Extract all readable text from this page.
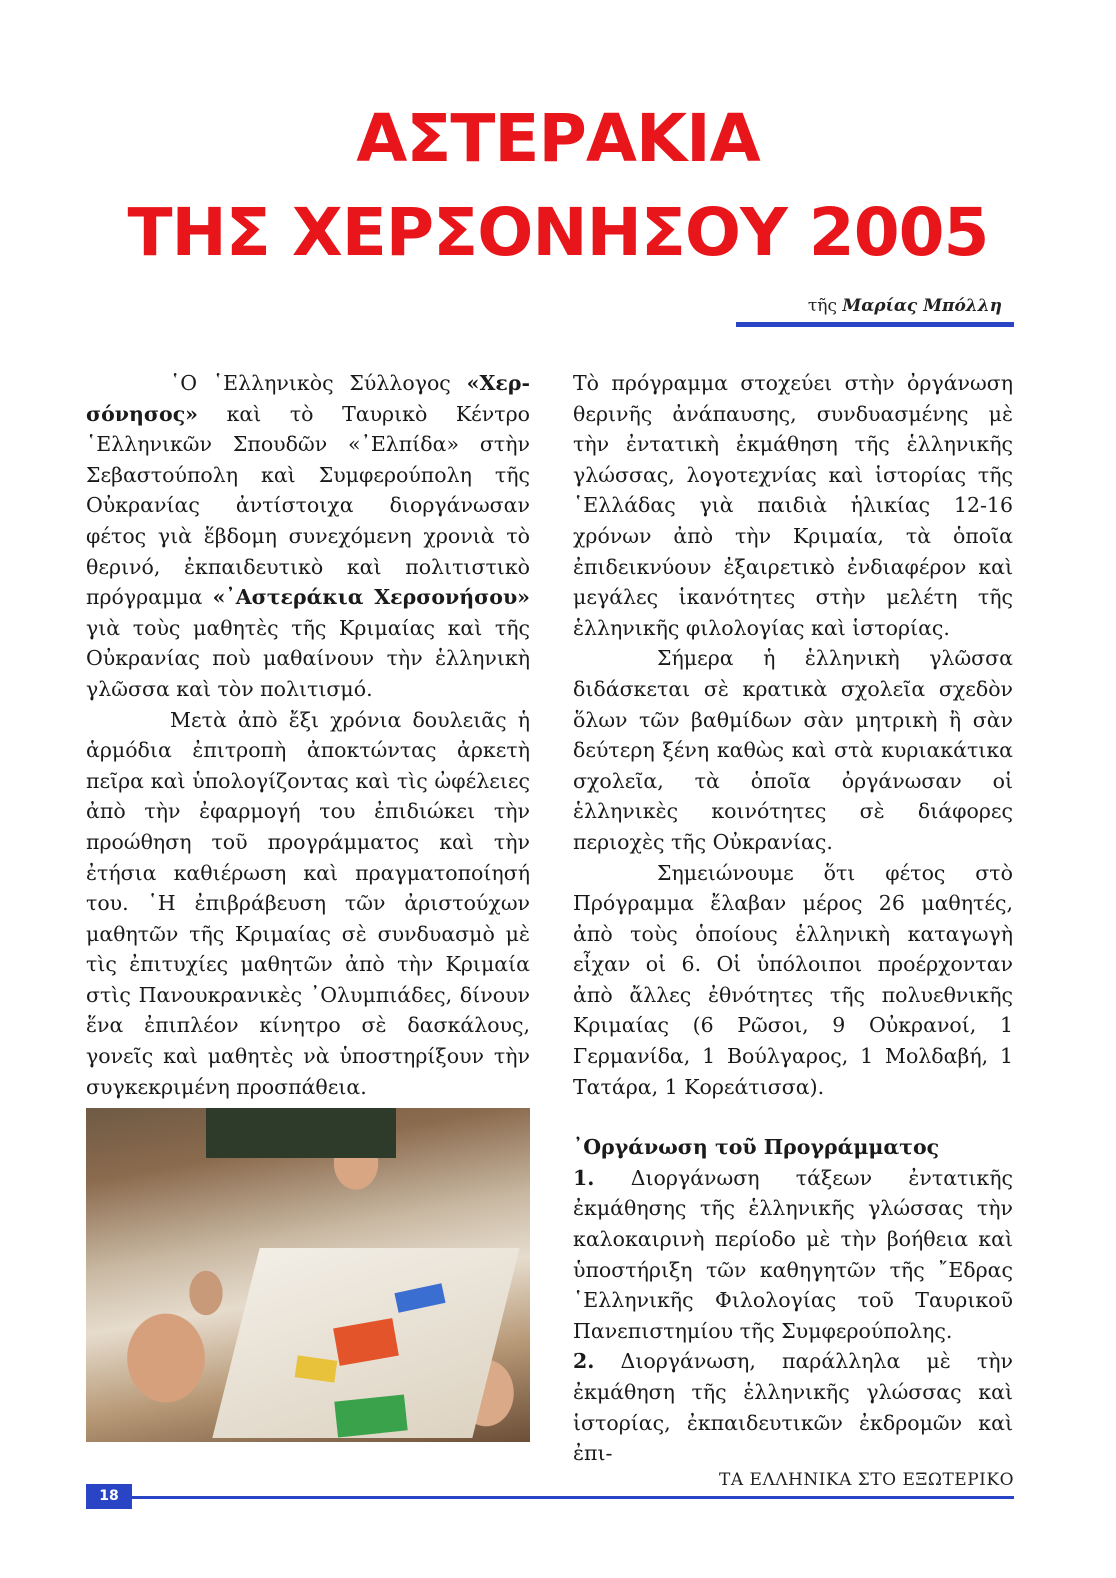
ΑΣΤΕΡΑΚΙΑ
ΤΗΣ ΧΕΡΣΟΝΗΣΟΥ 2005
τῆς Μαρίας Μπόλλη

῾Ο ῾Ελληνικὸς Σύλλογος «Χερ-σόνησος» καὶ τὸ Ταυρικὸ Κέντρο ῾Ελληνικῶν Σπουδῶν «᾽Ελπίδα» στὴν Σεβαστούπολη καὶ Συμφερούπολη τῆς Οὐκρανίας ἀντίστοιχα διοργάνωσαν φέτος γιὰ ἕβδομη συνεχόμενη χρονιὰ τὸ θερινό, ἐκπαιδευτικὸ καὶ πολιτιστικὸ πρόγραμμα «᾽Αστεράκια Χερσονήσου» γιὰ τοὺς μαθητὲς τῆς Κριμαίας καὶ τῆς Οὐκρανίας ποὺ μαθαίνουν τὴν ἑλληνικὴ γλῶσσα καὶ τὸν πολιτισμό.

Μετὰ ἀπὸ ἔξι χρόνια δουλειᾶς ἡ ἁρμόδια ἐπιτροπὴ ἀποκτώντας ἀρκετὴ πεῖρα καὶ ὑπολογίζοντας καὶ τὶς ὠφέλειες ἀπὸ τὴν ἐφαρμογή του ἐπιδιώκει τὴν προώθηση τοῦ προγράμματος καὶ τὴν ἐτήσια καθιέρωση καὶ πραγματοποίησή του. ῾Η ἐπιβράβευση τῶν ἀριστούχων μαθητῶν τῆς Κριμαίας σὲ συνδυασμὸ μὲ τὶς ἐπιτυχίες μαθητῶν ἀπὸ τὴν Κριμαία στὶς Πανουκρανικὲς ᾽Ολυμπιάδες, δίνουν ἕνα ἐπιπλέον κίνητρο σὲ δασκάλους, γονεῖς καὶ μαθητὲς νὰ ὑποστηρίξουν τὴν συγκεκριμένη προσπάθεια.

Τὸ πρόγραμμα στοχεύει στὴν ὀργάνωση θερινῆς ἀνάπαυσης, συνδυασμένης μὲ τὴν ἐντατικὴ ἐκμάθηση τῆς ἑλληνικῆς γλώσσας, λογοτεχνίας καὶ ἱστορίας τῆς ῾Ελλάδας γιὰ παιδιὰ ἡλικίας 12-16 χρόνων ἀπὸ τὴν Κριμαία, τὰ ὁποῖα ἐπιδεικνύουν ἐξαιρετικὸ ἐνδιαφέρον καὶ μεγάλες ἱκανότητες στὴν μελέτη τῆς ἑλληνικῆς φιλολογίας καὶ ἱστορίας.

Σήμερα ἡ ἑλληνικὴ γλῶσσα διδάσκεται σὲ κρατικὰ σχολεῖα σχεδὸν ὅλων τῶν βαθμίδων σὰν μητρικὴ ἢ σὰν δεύτερη ξένη καθὼς καὶ στὰ κυριακάτικα σχολεῖα, τὰ ὁποῖα ὀργάνωσαν οἱ ἑλληνικὲς κοινότητες σὲ διάφορες περιοχὲς τῆς Οὐκρανίας.

Σημειώνουμε ὅτι φέτος στὸ Πρόγραμμα ἔλαβαν μέρος 26 μαθητές, ἀπὸ τοὺς ὁποίους ἑλληνικὴ καταγωγὴ εἶχαν οἱ 6. Οἱ ὑπόλοιποι προέρχονταν ἀπὸ ἄλλες ἐθνότητες τῆς πολυεθνικῆς Κριμαίας (6 Ρῶσοι, 9 Οὐκρανοί, 1 Γερμανίδα, 1 Βούλγαρος, 1 Μολδαβή, 1 Τατάρα, 1 Κορεάτισσα).

᾽Οργάνωση τοῦ Προγράμματος

1. Διοργάνωση τάξεων ἐντατικῆς ἐκμάθησης τῆς ἑλληνικῆς γλώσσας τὴν καλοκαιρινὴ περίοδο μὲ τὴν βοήθεια καὶ ὑποστήριξη τῶν καθηγητῶν τῆς ῎Εδρας ῾Ελληνικῆς Φιλολογίας τοῦ Ταυρικοῦ Πανεπιστημίου τῆς Συμφερούπολης.

2. Διοργάνωση, παράλληλα μὲ τὴν ἐκμάθηση τῆς ἑλληνικῆς γλώσσας καὶ ἱστορίας, ἐκπαιδευτικῶν ἐκδρομῶν καὶ ἐπι-

18
ΤΑ ΕΛΛΗΝΙΚΑ ΣΤΟ ΕΞΩΤΕΡΙΚΟ
